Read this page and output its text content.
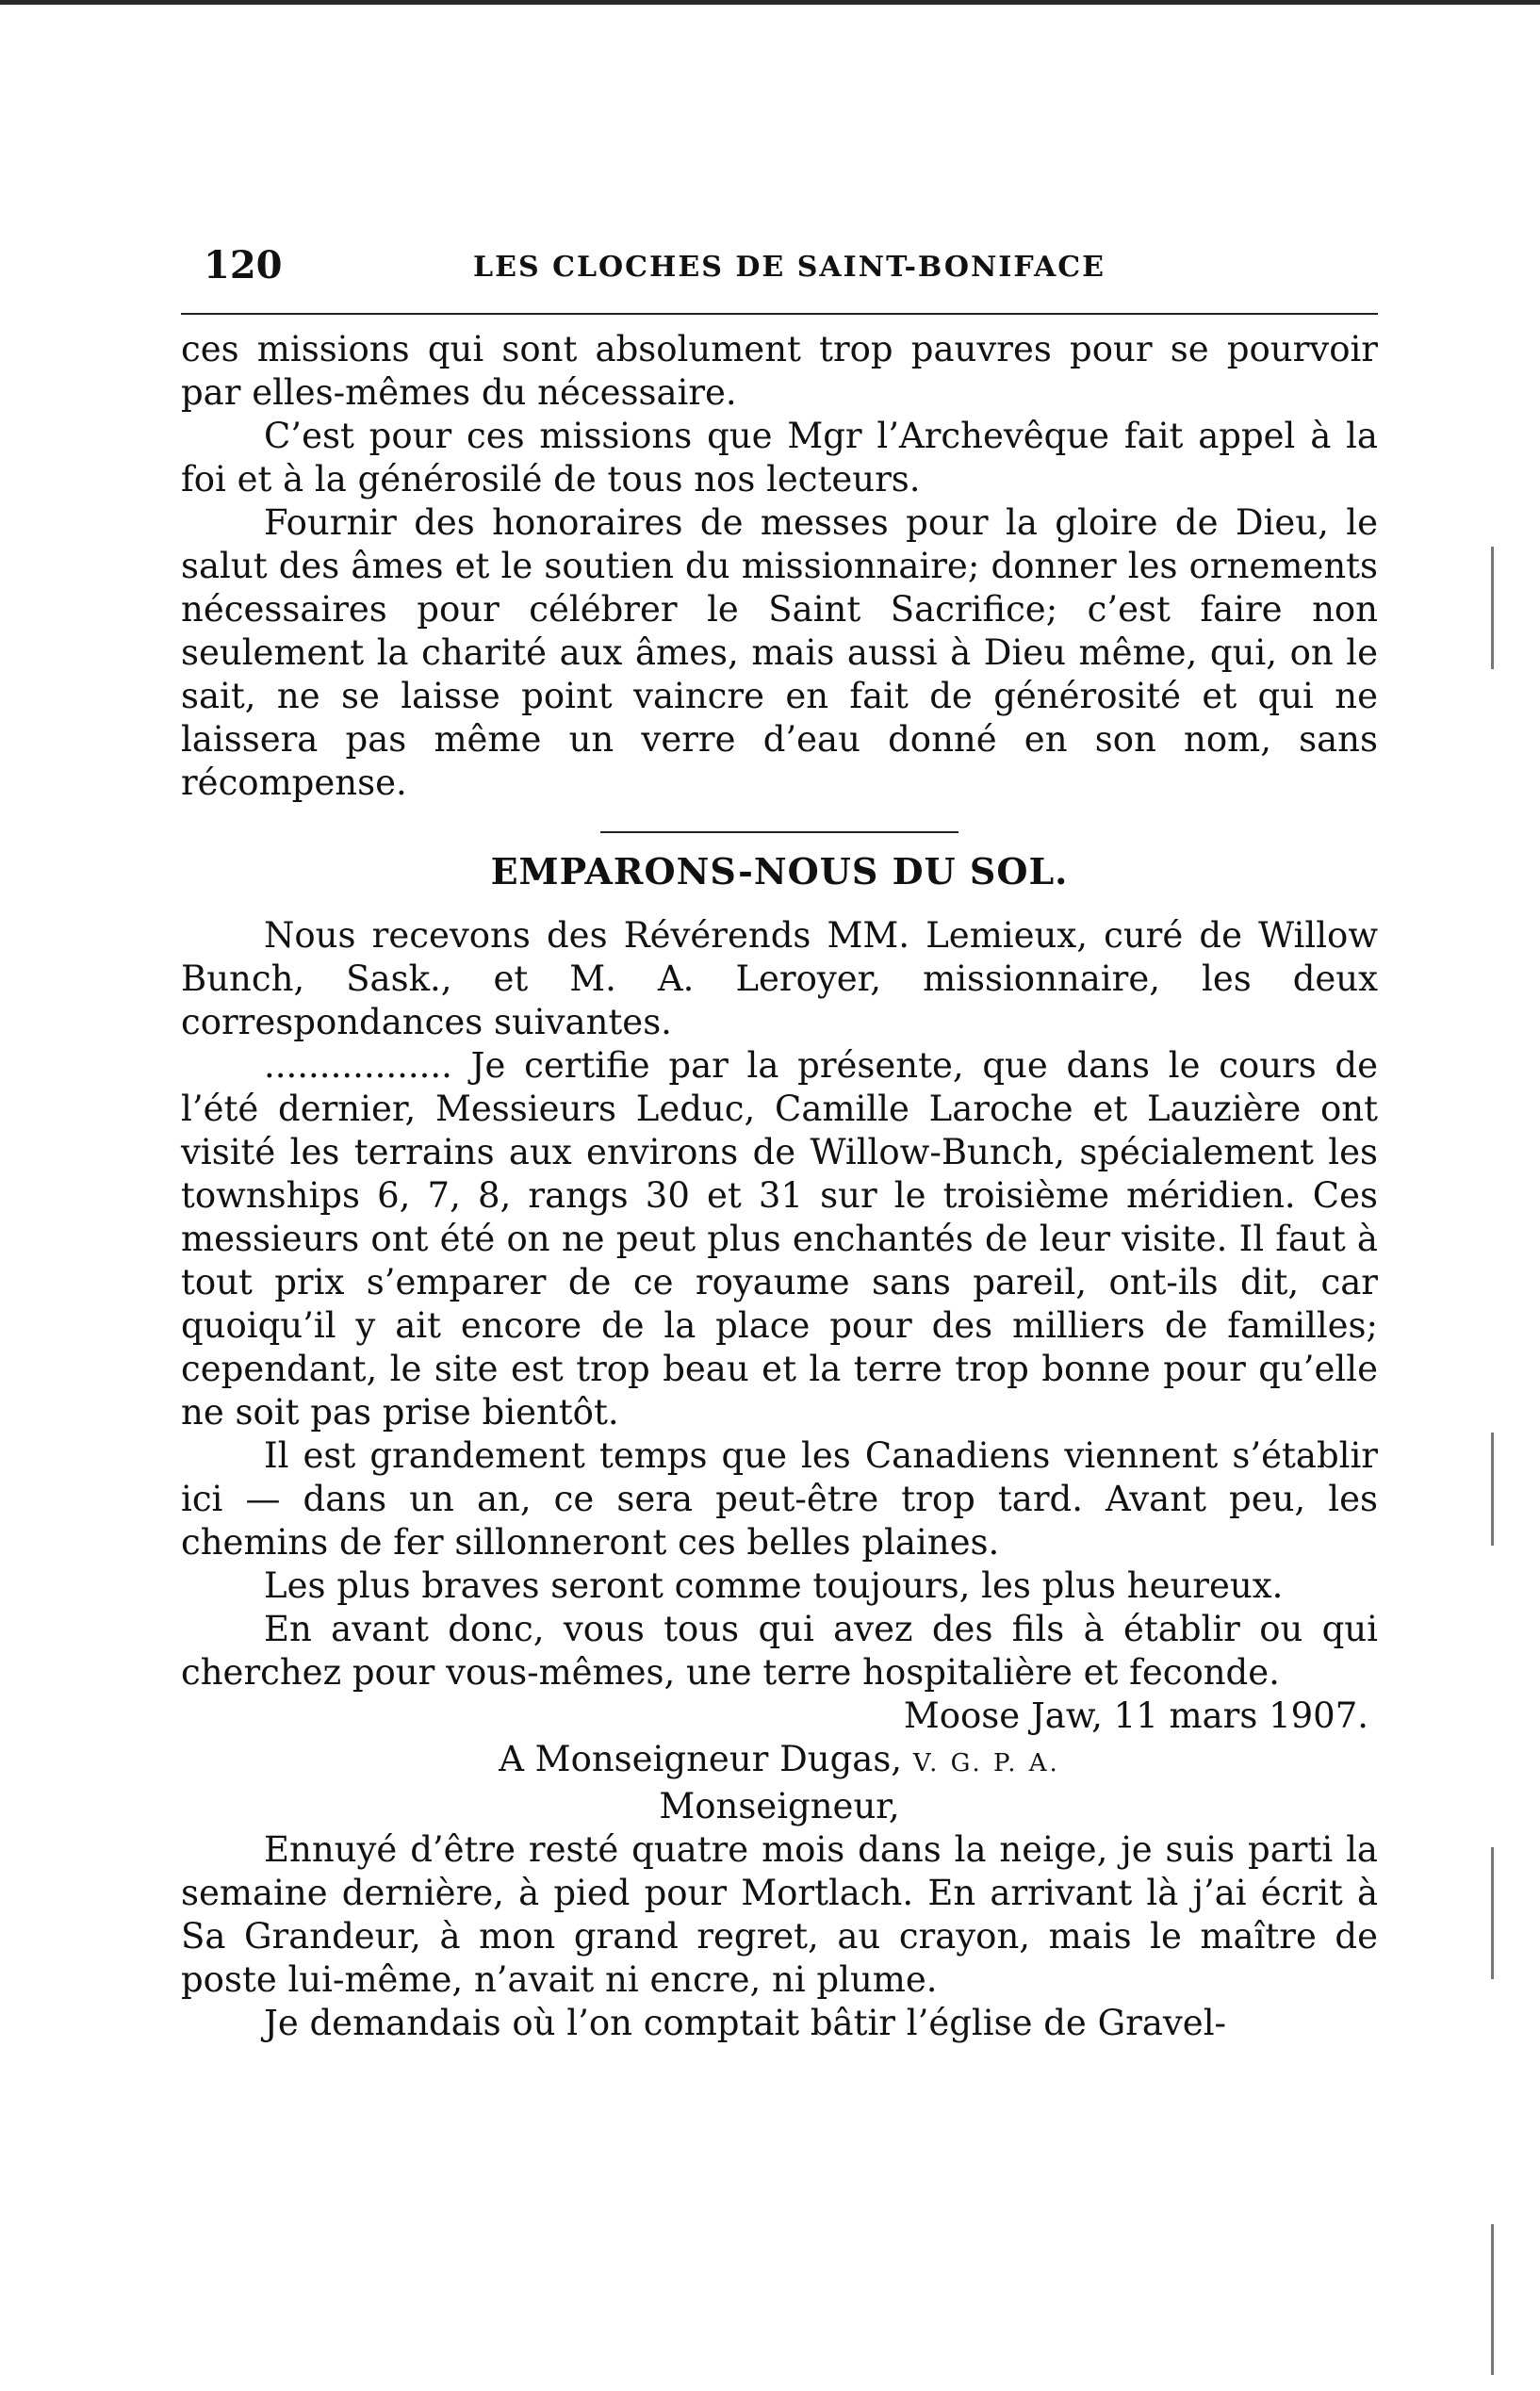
120	LES CLOCHES DE SAINT-BONIFACE

ces missions qui sont absolument trop pauvres pour se pourvoir par elles-mêmes du nécessaire.

C’est pour ces missions que Mgr l’Archevêque fait appel à la foi et à la générosilé de tous nos lecteurs.

Fournir des honoraires de messes pour la gloire de Dieu, le salut des âmes et le soutien du missionnaire; donner les ornements nécessaires pour célébrer le Saint Sacrifice; c’est faire non seulement la charité aux âmes, mais aussi à Dieu même, qui, on le sait, ne se laisse point vaincre en fait de générosité et qui ne laissera pas même un verre d’eau donné en son nom, sans récompense.

EMPARONS-NOUS DU SOL.

Nous recevons des Révérends MM. Lemieux, curé de Willow Bunch, Sask., et M. A. Leroyer, missionnaire, les deux correspondances suivantes.

................. Je certifie par la présente, que dans le cours de l’été dernier, Messieurs Leduc, Camille Laroche et Lauzière ont visité les terrains aux environs de Willow-Bunch, spécialement les townships 6, 7, 8, rangs 30 et 31 sur le troisième méridien. Ces messieurs ont été on ne peut plus enchantés de leur visite. Il faut à tout prix s’emparer de ce royaume sans pareil, ont-ils dit, car quoiqu’il y ait encore de la place pour des milliers de familles; cependant, le site est trop beau et la terre trop bonne pour qu’elle ne soit pas prise bientôt.

Il est grandement temps que les Canadiens viennent s’établir ici — dans un an, ce sera peut-être trop tard. Avant peu, les chemins de fer sillonneront ces belles plaines.

Les plus braves seront comme toujours, les plus heureux.

En avant donc, vous tous qui avez des fils à établir ou qui cherchez pour vous-mêmes, une terre hospitalière et feconde.

Moose Jaw, 11 mars 1907.

A Monseigneur Dugas, V. G. P. A.

Monseigneur,

Ennuyé d’être resté quatre mois dans la neige, je suis parti la semaine dernière, à pied pour Mortlach. En arrivant là j’ai écrit à Sa Grandeur, à mon grand regret, au crayon, mais le maître de poste lui-même, n’avait ni encre, ni plume.

Je demandais où l’on comptait bâtir l’église de Gravel-
